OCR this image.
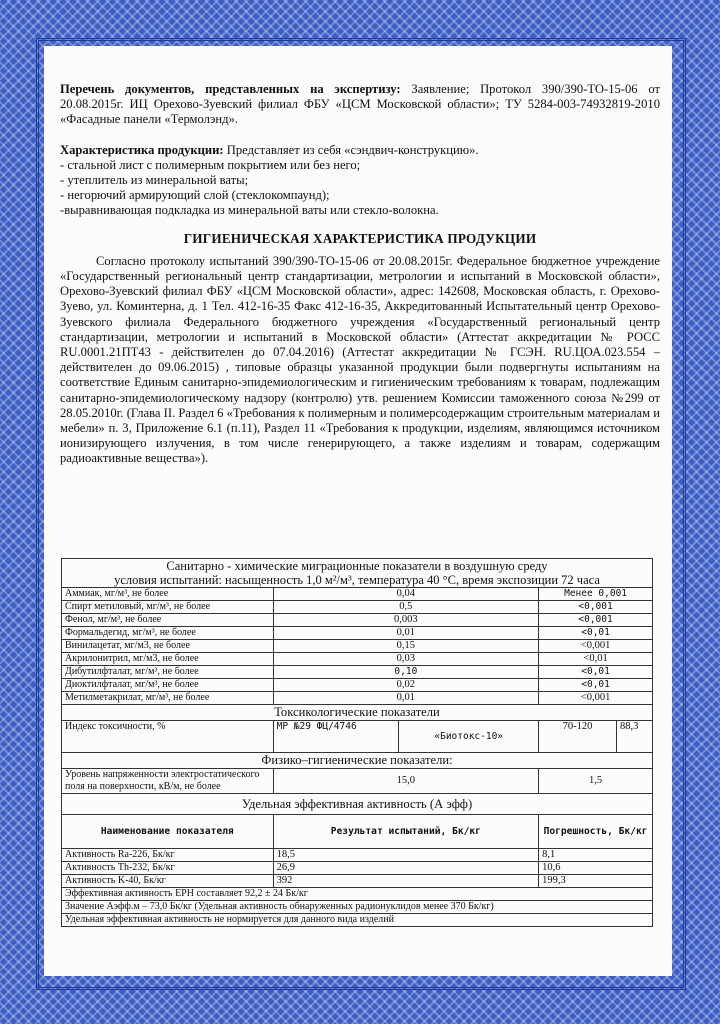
Перечень документов, представленных на экспертизу: Заявление; Протокол 390/390-ТО-15-06 от 20.08.2015г. ИЦ Орехово-Зуевский филиал ФБУ «ЦСМ Московской области»; ТУ 5284-003-74932819-2010 «Фасадные панели «Термолэнд».

Характеристика продукции: Представляет из себя «сэндвич-конструкцию».

- стальной лист с полимерным покрытием или без него;

- утеплитель из минеральной ваты;

- негорючий армирующий слой (стеклокомпаунд);

-выравнивающая подкладка из минеральной ваты или стекло-волокна.

ГИГИЕНИЧЕСКАЯ ХАРАКТЕРИСТИКА ПРОДУКЦИИ

Согласно протоколу испытаний 390/390-ТО-15-06 от 20.08.2015г. Федеральное бюджетное учреждение «Государственный региональный центр стандартизации, метрологии и испытаний в Московской области», Орехово-Зуевский филиал ФБУ «ЦСМ Московской области», адрес: 142608, Московская область, г. Орехово-Зуево, ул. Коминтерна, д. 1 Тел. 412-16-35 Факс 412-16-35, Аккредитованный Испытательный центр Орехово-Зуевского филиала Федерального бюджетного учреждения «Государственный региональный центр стандартизации, метрологии и испытаний в Московской области» (Аттестат аккредитации № РОСС RU.0001.21ПТ43 - действителен до 07.04.2016) (Аттестат аккредитации № ГСЭН. RU.ЦОА.023.554 – действителен до 09.06.2015) , типовые образцы указанной продукции были подвергнуты испытаниям на соответствие Единым санитарно-эпидемиологическим и гигиеническим требованиям к товарам, подлежащим санитарно-эпидемиологическому надзору (контролю) утв. решением Комиссии таможенного союза №299 от 28.05.2010г. (Глава II. Раздел 6 «Требования к полимерным и полимерсодержащим строительным материалам и мебели» п. 3, Приложение 6.1 (п.11), Раздел 11 «Требования к продукции, изделиям, являющимся источником ионизирующего излучения, в том числе генерирующего, а также изделиям и товарам, содержащим радиоактивные вещества»).

Санитарно - химические миграционные показатели в воздушную среду
условия испытаний: насыщенность 1,0 м²/м³, температура 40 °С, время экспозиции 72 часа				

Аммиак, мг/м³, не более	0,04		Менее 0,001	
Спирт метиловый, мг/м³, не более	0,5		<0,001	
Фенол, мг/м³, не более	0,003		<0,001	
Формальдегид, мг/м³, не более	0,01		<0,01	
Винилацетат, мг/м3, не более	0,15		<0,001	
Акрилонитрил, мг/м3, не более	0,03		<0,01	
Дибутилфталат, мг/м³, не более	0,10		<0,01	
Диоктилфталат, мг/м³, не более	0,02		<0,01	
Метилметакрилат, мг/м³, не более	0,01		<0,001	
Токсикологические показатели				
Индекс токсичности, %	МР №29 ФЦ/4746	«Биотокс-10»	70-120	88,3
Физико–гигиенические показатели:				
Уровень напряженности электростатического поля на поверхности, кВ/м, не более	15,0		1,5	
Удельная эффективная активность (А эфф)				
Наименование показателя	Результат испытаний, Бк/кг		Погрешность, Бк/кг	
Активность Ra-226, Бк/кг	18,5		8,1	
Активность Th-232, Бк/кг	26,9		10,6	
Активность K-40, Бк/кг	392		199,3	
Эффективная активность ЕРН составляет 92,2 ± 24 Бк/кг				
Значение Аэфф.м – 73,0 Бк/кг (Удельная активность обнаруженных радионуклидов менее 370 Бк/кг)				
Удельная эффективная активность не нормируется для данного вида изделий				
